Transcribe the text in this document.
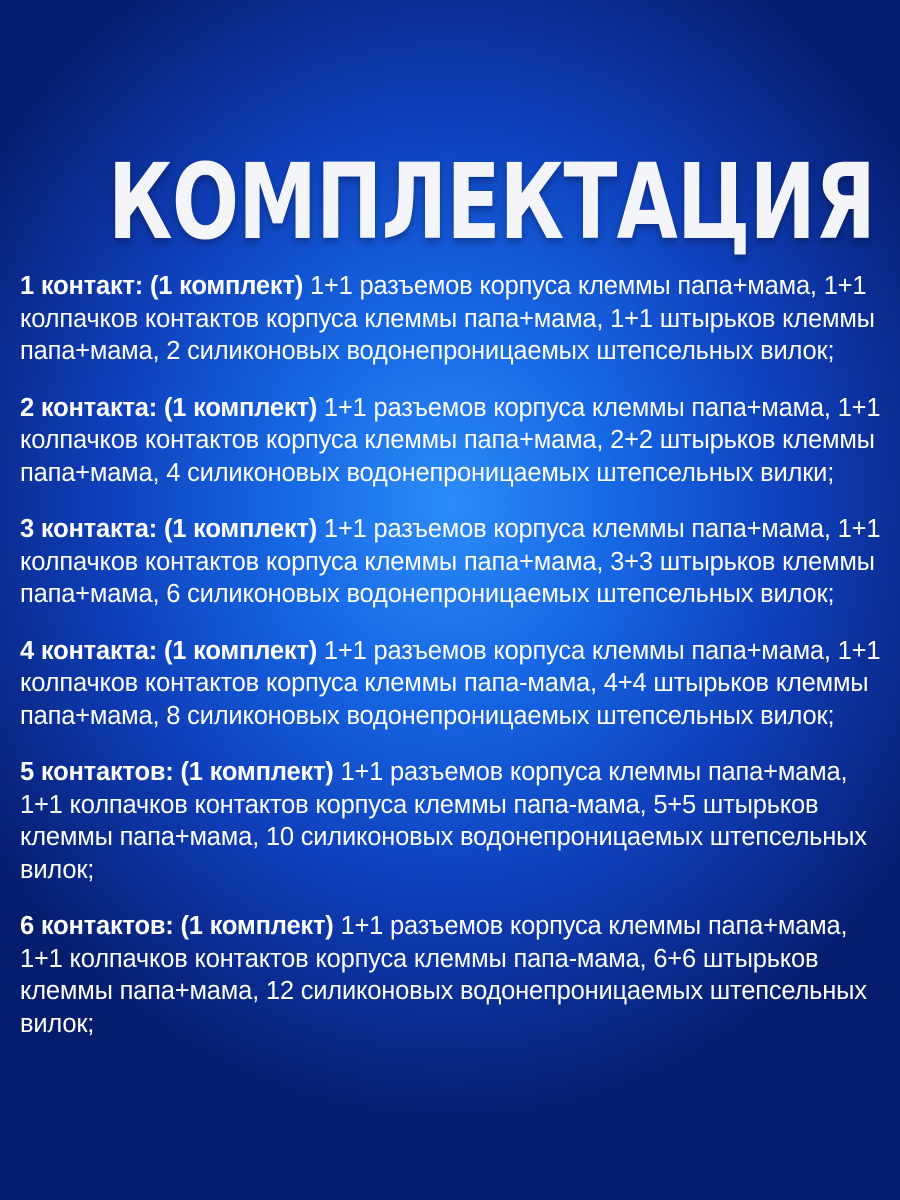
КОМПЛЕКТАЦИЯ

1 контакт: (1 комплект) 1+1 разъемов корпуса клеммы папа+мама, 1+1 колпачков контактов корпуса клеммы папа+мама, 1+1 штырьков клеммы папа+мама, 2 силиконовых водонепроницаемых штепсельных вилок;

2 контакта: (1 комплект) 1+1 разъемов корпуса клеммы папа+мама, 1+1 колпачков контактов корпуса клеммы папа+мама, 2+2 штырьков клеммы папа+мама, 4 силиконовых водонепроницаемых штепсельных вилки;

3 контакта: (1 комплект) 1+1 разъемов корпуса клеммы папа+мама, 1+1 колпачков контактов корпуса клеммы папа+мама, 3+3 штырьков клеммы папа+мама, 6 силиконовых водонепроницаемых штепсельных вилок;

4 контакта: (1 комплект) 1+1 разъемов корпуса клеммы папа+мама, 1+1 колпачков контактов корпуса клеммы папа-мама, 4+4 штырьков клеммы папа+мама, 8 силиконовых водонепроницаемых штепсельных вилок;

5 контактов: (1 комплект) 1+1 разъемов корпуса клеммы папа+мама, 1+1 колпачков контактов корпуса клеммы папа-мама, 5+5 штырьков клеммы папа+мама, 10 силиконовых водонепроницаемых штепсельных вилок;

6 контактов: (1 комплект) 1+1 разъемов корпуса клеммы папа+мама, 1+1 колпачков контактов корпуса клеммы папа-мама, 6+6 штырьков клеммы папа+мама, 12 силиконовых водонепроницаемых штепсельных вилок;
